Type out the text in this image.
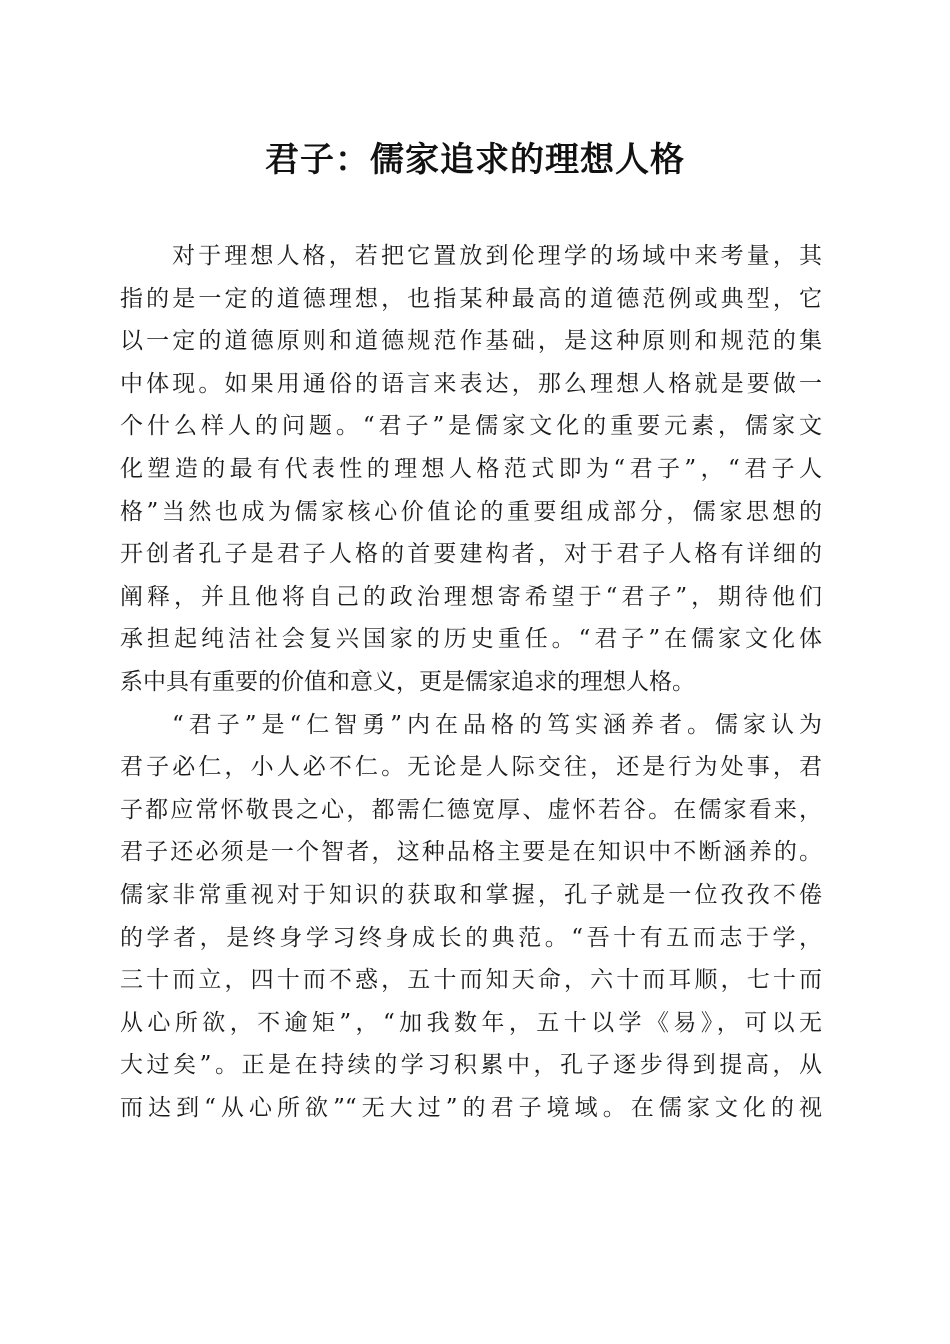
君子：儒家追求的理想人格
对于理想人格，若把它置放到伦理学的场域中来考量，其
指的是一定的道德理想，也指某种最高的道德范例或典型，它
以一定的道德原则和道德规范作基础，是这种原则和规范的集
中体现。如果用通俗的语言来表达，那么理想人格就是要做一
个什么样人的问题。“君子”是儒家文化的重要元素，儒家文
化塑造的最有代表性的理想人格范式即为“君子”，“君子人
格”当然也成为儒家核心价值论的重要组成部分，儒家思想的
开创者孔子是君子人格的首要建构者，对于君子人格有详细的
阐释，并且他将自己的政治理想寄希望于“君子”，期待他们
承担起纯洁社会复兴国家的历史重任。“君子”在儒家文化体
系中具有重要的价值和意义，更是儒家追求的理想人格。
“君子”是“仁智勇”内在品格的笃实涵养者。儒家认为
君子必仁，小人必不仁。无论是人际交往，还是行为处事，君
子都应常怀敬畏之心，都需仁德宽厚、虚怀若谷。在儒家看来，
君子还必须是一个智者，这种品格主要是在知识中不断涵养的。
儒家非常重视对于知识的获取和掌握，孔子就是一位孜孜不倦
的学者，是终身学习终身成长的典范。“吾十有五而志于学，
三十而立，四十而不惑，五十而知天命，六十而耳顺，七十而
从心所欲，不逾矩”，“加我数年，五十以学《易》，可以无
大过矣”。正是在持续的学习积累中，孔子逐步得到提高，从
而达到“从心所欲”“无大过”的君子境域。在儒家文化的视
